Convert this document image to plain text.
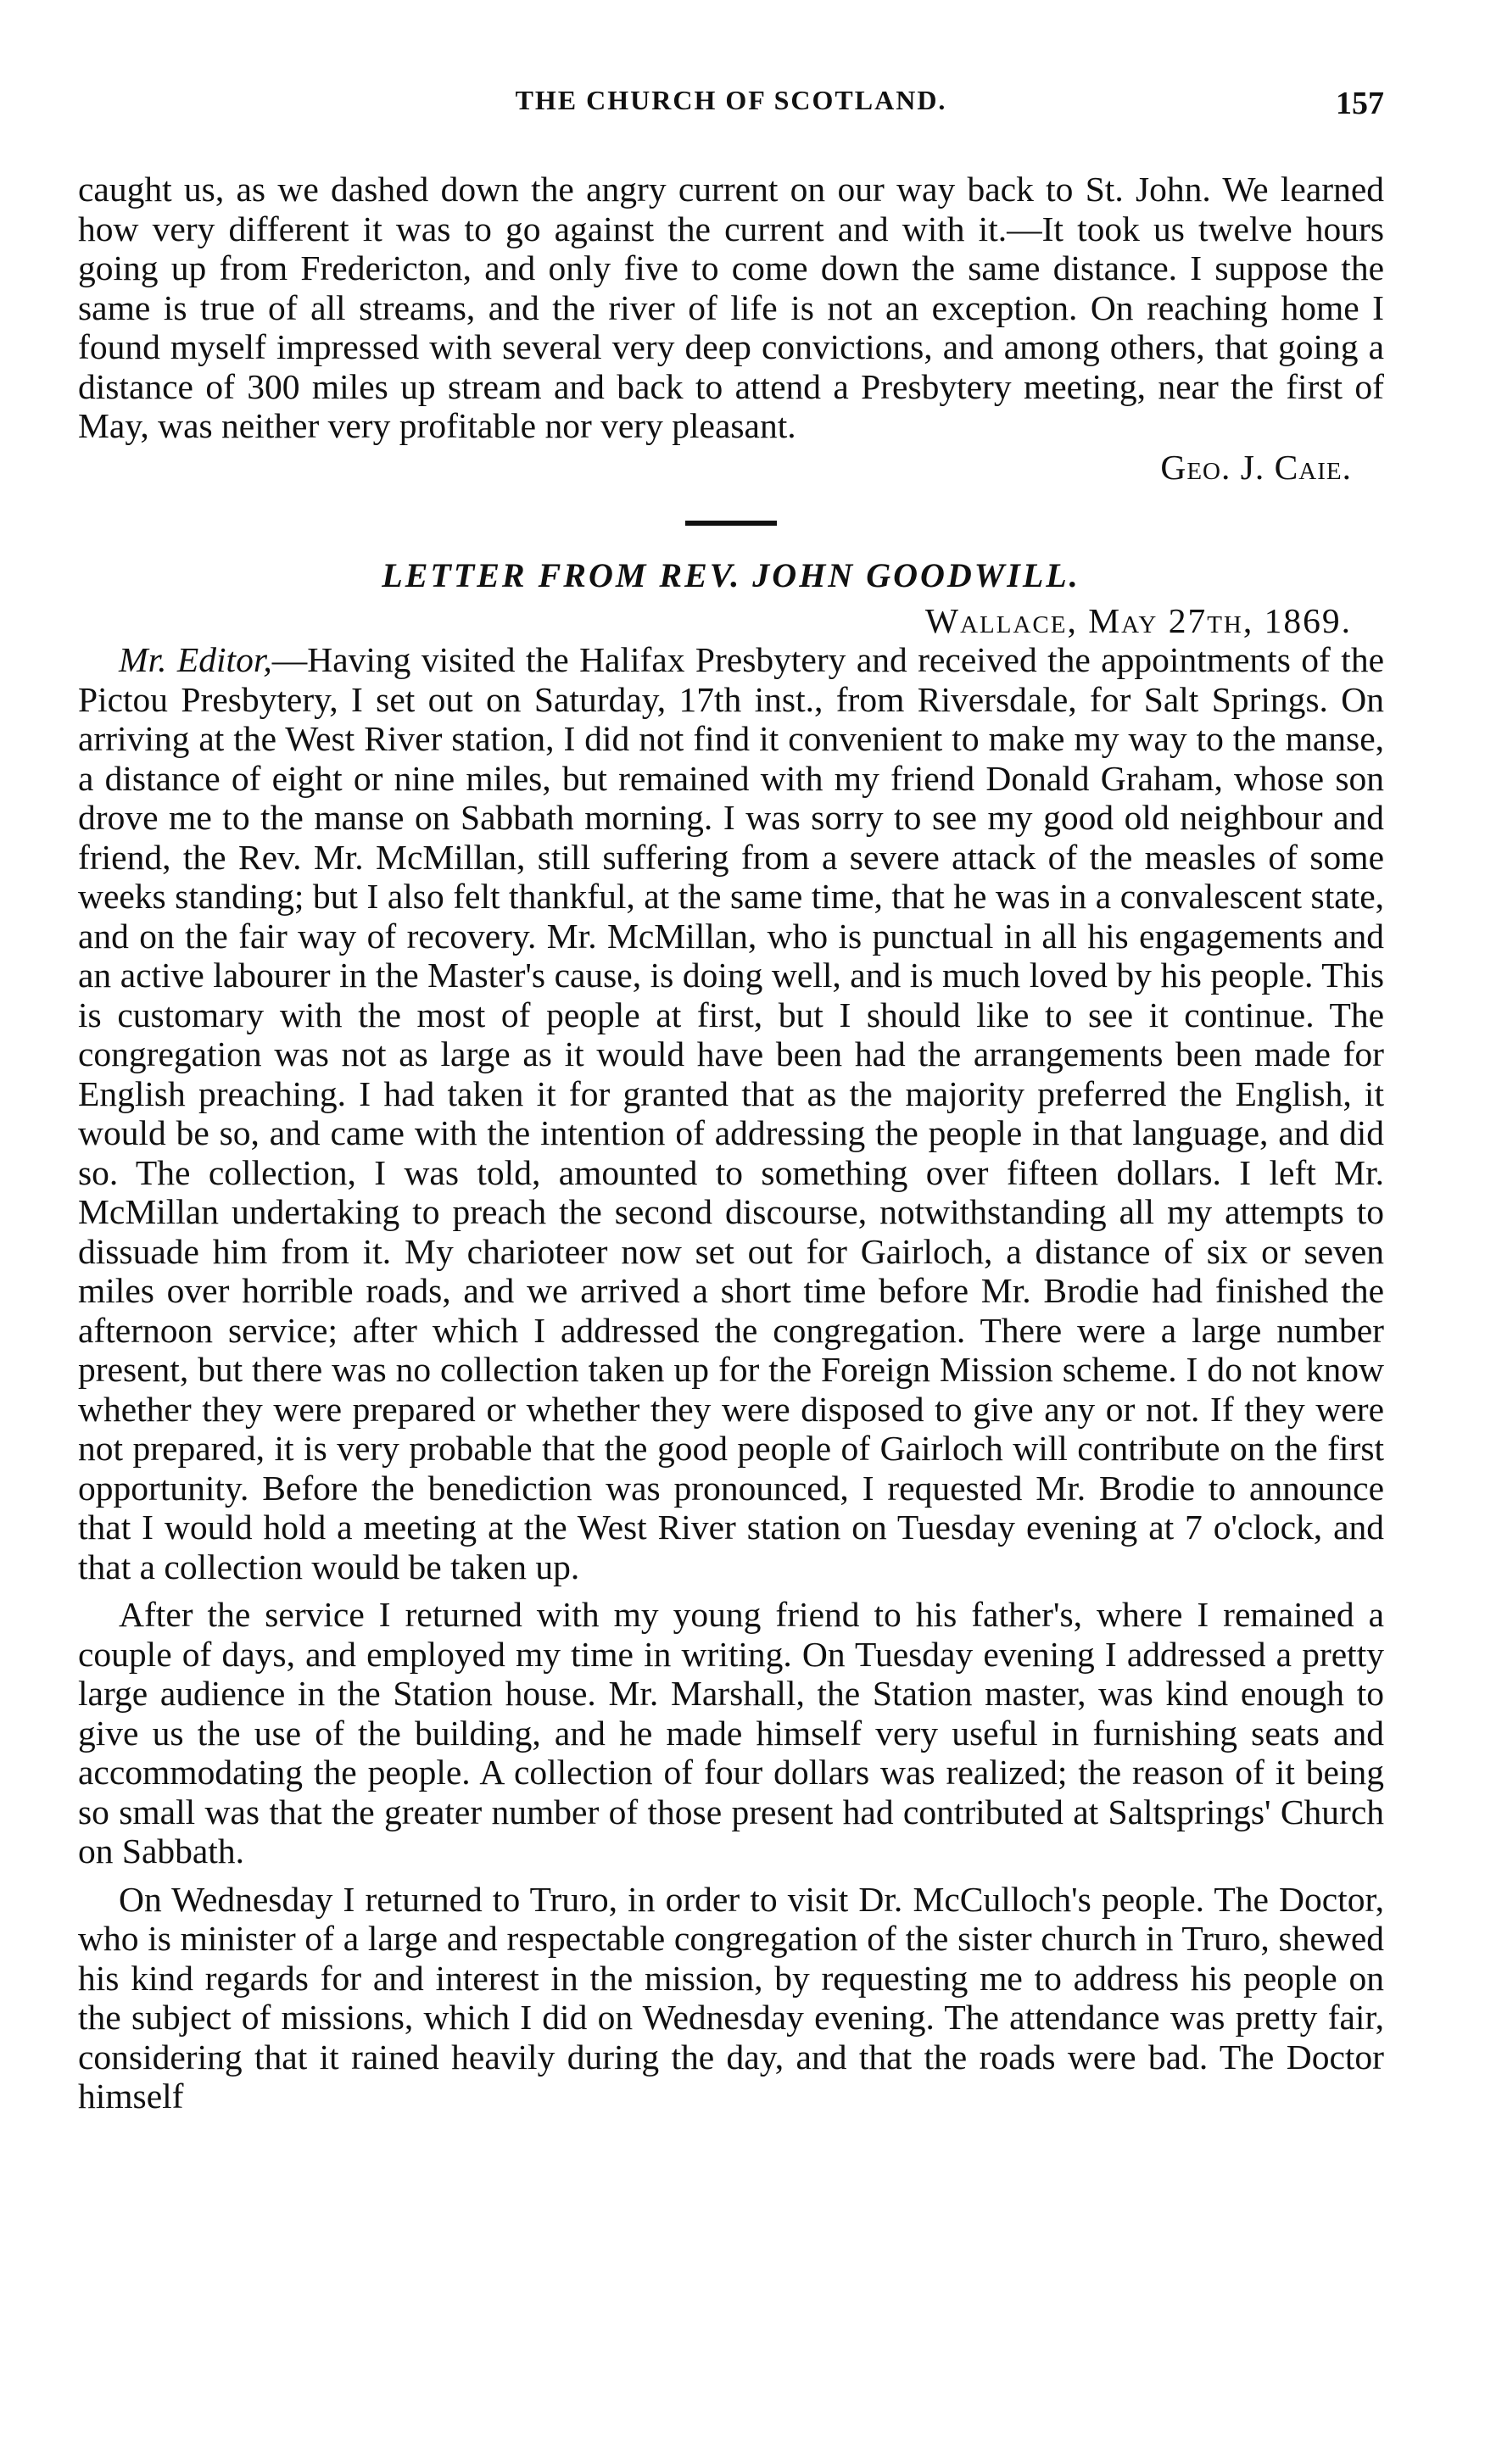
THE CHURCH OF SCOTLAND.	157

caught us, as we dashed down the angry current on our way back to St. John. We learned how very different it was to go against the current and with it.—It took us twelve hours going up from Fredericton, and only five to come down the same distance. I suppose the same is true of all streams, and the river of life is not an exception. On reaching home I found myself impressed with several very deep convictions, and among others, that going a distance of 300 miles up stream and back to attend a Presbytery meeting, near the first of May, was neither very profitable nor very pleasant.

Geo. J. Caie.

LETTER FROM REV. JOHN GOODWILL.

Wallace, May 27th, 1869.

Mr. Editor,—Having visited the Halifax Presbytery and received the appointments of the Pictou Presbytery, I set out on Saturday, 17th inst., from Riversdale, for Salt Springs. On arriving at the West River station, I did not find it convenient to make my way to the manse, a distance of eight or nine miles, but remained with my friend Donald Graham, whose son drove me to the manse on Sabbath morning. I was sorry to see my good old neighbour and friend, the Rev. Mr. McMillan, still suffering from a severe attack of the measles of some weeks standing; but I also felt thankful, at the same time, that he was in a convalescent state, and on the fair way of recovery. Mr. McMillan, who is punctual in all his engagements and an active labourer in the Master's cause, is doing well, and is much loved by his people. This is customary with the most of people at first, but I should like to see it continue. The congregation was not as large as it would have been had the arrangements been made for English preaching. I had taken it for granted that as the majority preferred the English, it would be so, and came with the intention of addressing the people in that language, and did so. The collection, I was told, amounted to something over fifteen dollars. I left Mr. McMillan undertaking to preach the second discourse, notwithstanding all my attempts to dissuade him from it. My charioteer now set out for Gairloch, a distance of six or seven miles over horrible roads, and we arrived a short time before Mr. Brodie had finished the afternoon service; after which I addressed the congregation. There were a large number present, but there was no collection taken up for the Foreign Mission scheme. I do not know whether they were prepared or whether they were disposed to give any or not. If they were not prepared, it is very probable that the good people of Gairloch will contribute on the first opportunity. Before the benediction was pronounced, I requested Mr. Brodie to announce that I would hold a meeting at the West River station on Tuesday evening at 7 o'clock, and that a collection would be taken up.

After the service I returned with my young friend to his father's, where I remained a couple of days, and employed my time in writing. On Tuesday evening I addressed a pretty large audience in the Station house. Mr. Marshall, the Station master, was kind enough to give us the use of the building, and he made himself very useful in furnishing seats and accommodating the people. A collection of four dollars was realized; the reason of it being so small was that the greater number of those present had contributed at Saltsprings' Church on Sabbath.

On Wednesday I returned to Truro, in order to visit Dr. McCulloch's people. The Doctor, who is minister of a large and respectable congregation of the sister church in Truro, shewed his kind regards for and interest in the mission, by requesting me to address his people on the subject of missions, which I did on Wednesday evening. The attendance was pretty fair, considering that it rained heavily during the day, and that the roads were bad. The Doctor himself
